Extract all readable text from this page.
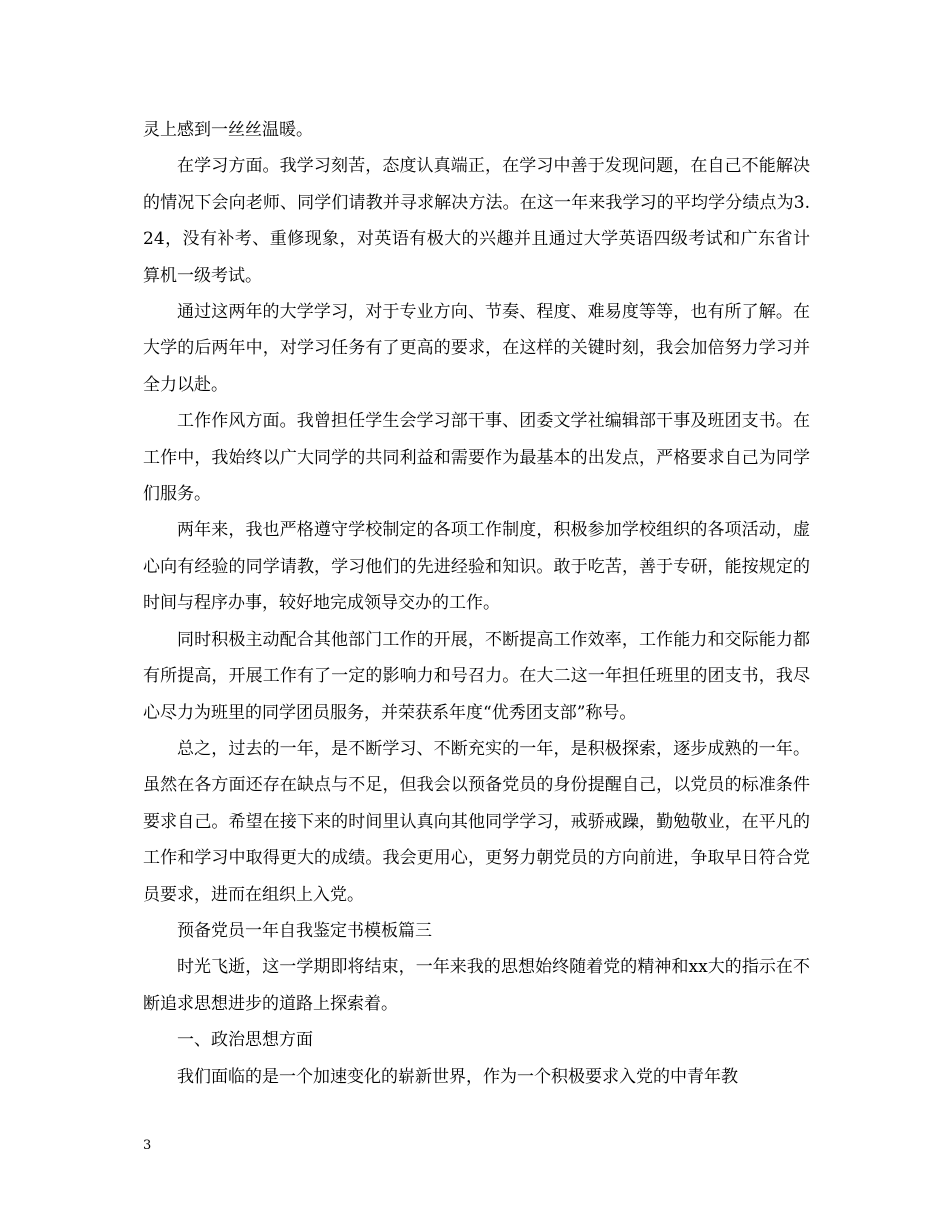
灵上感到一丝丝温暖。

在学习方面。我学习刻苦，态度认真端正，在学习中善于发现问题，在自己不能解决的情况下会向老师、同学们请教并寻求解决方法。在这一年来我学习的平均学分绩点为3.24，没有补考、重修现象，对英语有极大的兴趣并且通过大学英语四级考试和广东省计算机一级考试。

通过这两年的大学学习，对于专业方向、节奏、程度、难易度等等，也有所了解。在大学的后两年中，对学习任务有了更高的要求，在这样的关键时刻，我会加倍努力学习并全力以赴。

工作作风方面。我曾担任学生会学习部干事、团委文学社编辑部干事及班团支书。在工作中，我始终以广大同学的共同利益和需要作为最基本的出发点，严格要求自己为同学们服务。

两年来，我也严格遵守学校制定的各项工作制度，积极参加学校组织的各项活动，虚心向有经验的同学请教，学习他们的先进经验和知识。敢于吃苦，善于专研，能按规定的时间与程序办事，较好地完成领导交办的工作。

同时积极主动配合其他部门工作的开展，不断提高工作效率，工作能力和交际能力都有所提高，开展工作有了一定的影响力和号召力。在大二这一年担任班里的团支书，我尽心尽力为班里的同学团员服务，并荣获系年度“优秀团支部”称号。

总之，过去的一年，是不断学习、不断充实的一年，是积极探索，逐步成熟的一年。虽然在各方面还存在缺点与不足，但我会以预备党员的身份提醒自己，以党员的标准条件要求自己。希望在接下来的时间里认真向其他同学学习，戒骄戒躁，勤勉敬业，在平凡的工作和学习中取得更大的成绩。我会更用心，更努力朝党员的方向前进，争取早日符合党员要求，进而在组织上入党。

预备党员一年自我鉴定书模板篇三

时光飞逝，这一学期即将结束，一年来我的思想始终随着党的精神和xx大的指示在不断追求思想进步的道路上探索着。

一、政治思想方面

我们面临的是一个加速变化的崭新世界，作为一个积极要求入党的中青年教

3
